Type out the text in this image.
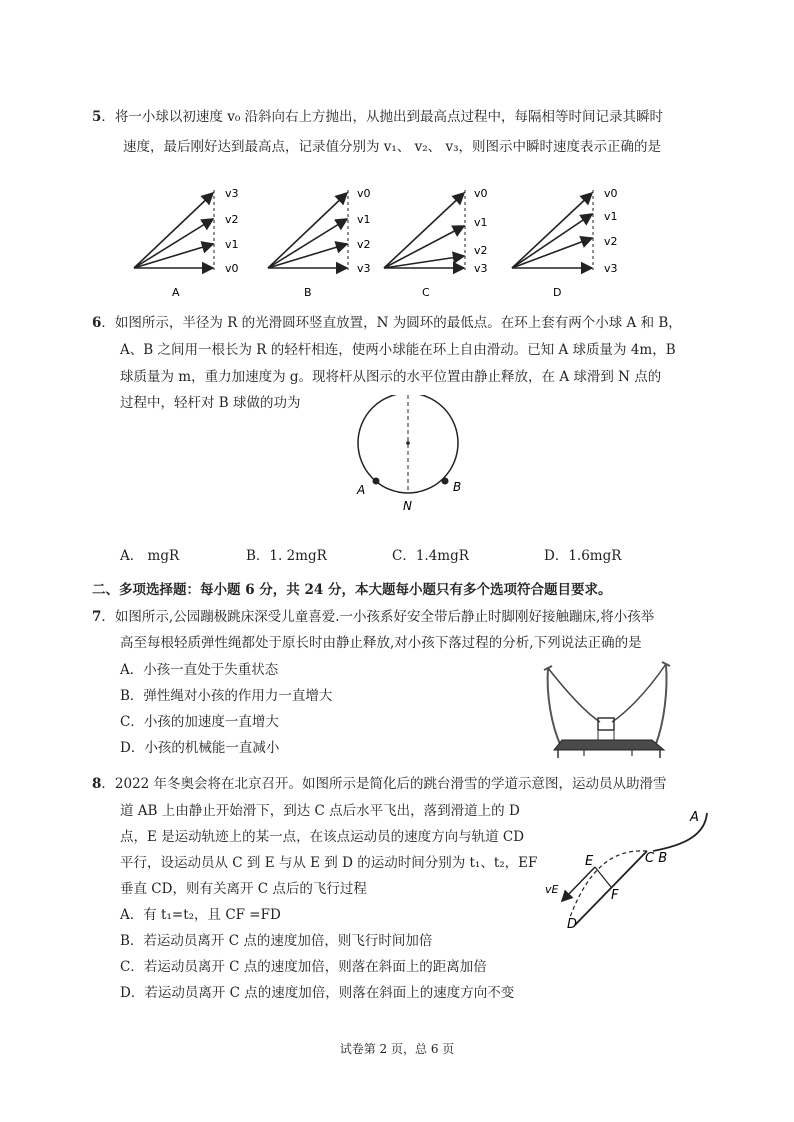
5．将一小球以初速度 v₀ 沿斜向右上方抛出，从抛出到最高点过程中，每隔相等时间记录其瞬时
速度，最后刚好达到最高点，记录值分别为 v₁、 v₂、 v₃，则图示中瞬时速度表示正确的是
v3
v2
v1
v0
A
v0
v1
v2
v3
B
v0
v1
v2
v3
C
v0
v1
v2
v3
D
6．如图所示，半径为 R 的光滑圆环竖直放置，N 为圆环的最低点。在环上套有两个小球 A 和 B，
A、B 之间用一根长为 R 的轻杆相连，使两小球能在环上自由滑动。已知 A 球质量为 4m，B
球质量为 m，重力加速度为 g。现将杆从图示的水平位置由静止释放，在 A 球滑到 N 点的
过程中，轻杆对 B 球做的功为
A	B
N
A． mgR	B．1. 2mgR	C．1.4mgR	D．1.6mgR
二、多项选择题：每小题 6 分，共 24 分，本大题每小题只有多个选项符合题目要求。
7．如图所示,公园蹦极跳床深受儿童喜爱.一小孩系好安全带后静止时脚刚好接触蹦床,将小孩举
高至每根轻质弹性绳都处于原长时由静止释放,对小孩下落过程的分析,下列说法正确的是
A．小孩一直处于失重状态
B．弹性绳对小孩的作用力一直增大
C．小孩的加速度一直增大
D．小孩的机械能一直减小
8．2022 年冬奥会将在北京召开。如图所示是简化后的跳台滑雪的学道示意图，运动员从助滑雪
道 AB 上由静止开始滑下，到达 C 点后水平飞出，落到滑道上的 D
点，E 是运动轨迹上的某一点，在该点运动员的速度方向与轨道 CD
平行，设运动员从 C 到 E 与从 E 到 D 的运动时间分别为 t₁、t₂，EF
垂直 CD，则有关离开 C 点后的飞行过程
A
E	C B
F
D
vE
A．有 t₁=t₂，且 CF =FD
B．若运动员离开 C 点的速度加倍，则飞行时间加倍
C．若运动员离开 C 点的速度加倍，则落在斜面上的距离加倍
D．若运动员离开 C 点的速度加倍，则落在斜面上的速度方向不变
试卷第 2 页，总 6 页
